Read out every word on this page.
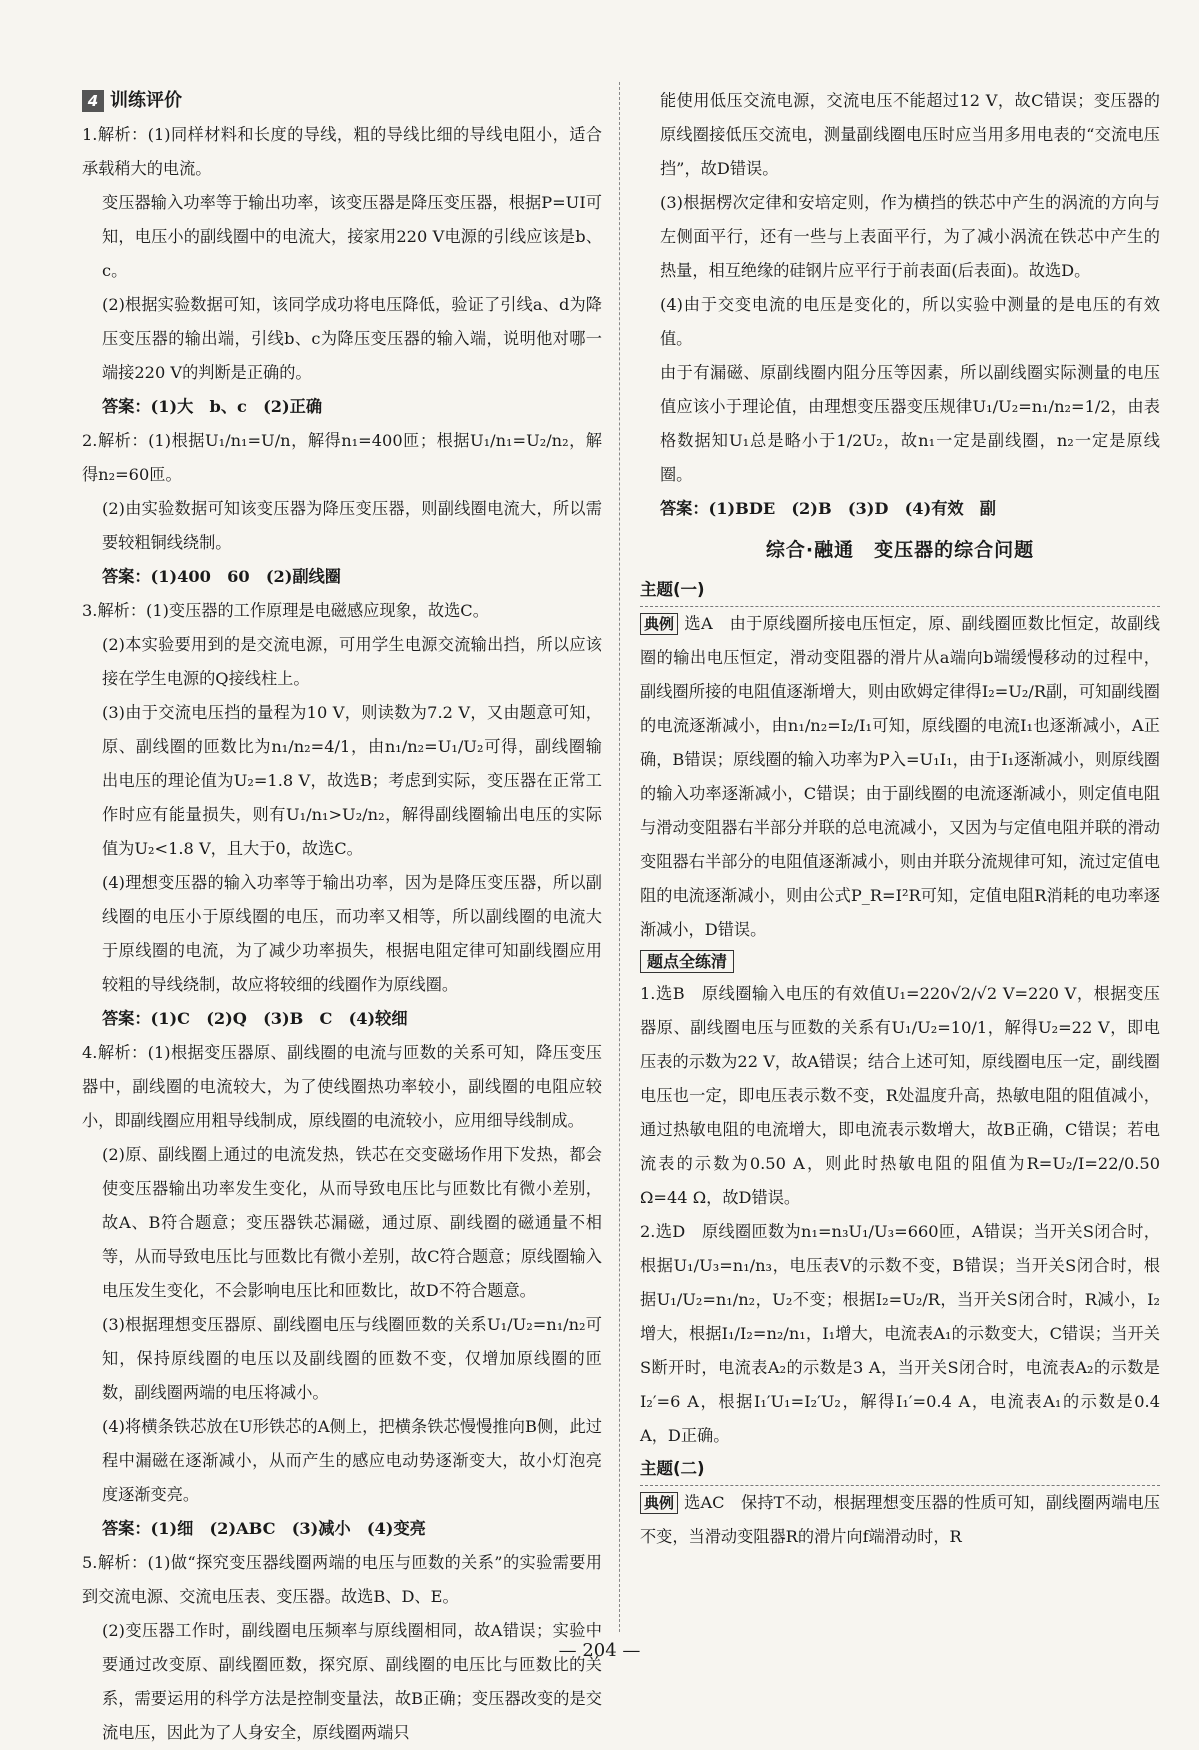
4 训练评价

1.解析：(1)同样材料和长度的导线，粗的导线比细的导线电阻小，适合承载稍大的电流。

变压器输入功率等于输出功率，该变压器是降压变压器，根据P=UI可知，电压小的副线圈中的电流大，接家用220 V电源的引线应该是b、c。

(2)根据实验数据可知，该同学成功将电压降低，验证了引线a、d为降压变压器的输出端，引线b、c为降压变压器的输入端，说明他对哪一端接220 V的判断是正确的。

答案：(1)大　b、c　(2)正确

2.解析：(1)根据U₁/n₁=U/n，解得n₁=400匝；根据U₁/n₁=U₂/n₂，解得n₂=60匝。

(2)由实验数据可知该变压器为降压变压器，则副线圈电流大，所以需要较粗铜线绕制。

答案：(1)400　60　(2)副线圈

3.解析：(1)变压器的工作原理是电磁感应现象，故选C。

(2)本实验要用到的是交流电源，可用学生电源交流输出挡，所以应该接在学生电源的Q接线柱上。

(3)由于交流电压挡的量程为10 V，则读数为7.2 V，又由题意可知，原、副线圈的匝数比为n₁/n₂=4/1，由n₁/n₂=U₁/U₂可得，副线圈输出电压的理论值为U₂=1.8 V，故选B；考虑到实际，变压器在正常工作时应有能量损失，则有U₁/n₁>U₂/n₂，解得副线圈输出电压的实际值为U₂<1.8 V，且大于0，故选C。

(4)理想变压器的输入功率等于输出功率，因为是降压变压器，所以副线圈的电压小于原线圈的电压，而功率又相等，所以副线圈的电流大于原线圈的电流，为了减少功率损失，根据电阻定律可知副线圈应用较粗的导线绕制，故应将较细的线圈作为原线圈。

答案：(1)C　(2)Q　(3)B　C　(4)较细

4.解析：(1)根据变压器原、副线圈的电流与匝数的关系可知，降压变压器中，副线圈的电流较大，为了使线圈热功率较小，副线圈的电阻应较小，即副线圈应用粗导线制成，原线圈的电流较小，应用细导线制成。

(2)原、副线圈上通过的电流发热，铁芯在交变磁场作用下发热，都会使变压器输出功率发生变化，从而导致电压比与匝数比有微小差别，故A、B符合题意；变压器铁芯漏磁，通过原、副线圈的磁通量不相等，从而导致电压比与匝数比有微小差别，故C符合题意；原线圈输入电压发生变化，不会影响电压比和匝数比，故D不符合题意。

(3)根据理想变压器原、副线圈电压与线圈匝数的关系U₁/U₂=n₁/n₂可知，保持原线圈的电压以及副线圈的匝数不变，仅增加原线圈的匝数，副线圈两端的电压将减小。

(4)将横条铁芯放在U形铁芯的A侧上，把横条铁芯慢慢推向B侧，此过程中漏磁在逐渐减小，从而产生的感应电动势逐渐变大，故小灯泡亮度逐渐变亮。

答案：(1)细　(2)ABC　(3)减小　(4)变亮

5.解析：(1)做“探究变压器线圈两端的电压与匝数的关系”的实验需要用到交流电源、交流电压表、变压器。故选B、D、E。

(2)变压器工作时，副线圈电压频率与原线圈相同，故A错误；实验中要通过改变原、副线圈匝数，探究原、副线圈的电压比与匝数比的关系，需要运用的科学方法是控制变量法，故B正确；变压器改变的是交流电压，因此为了人身安全，原线圈两端只

能使用低压交流电源，交流电压不能超过12 V，故C错误；变压器的原线圈接低压交流电，测量副线圈电压时应当用多用电表的“交流电压挡”，故D错误。

(3)根据楞次定律和安培定则，作为横挡的铁芯中产生的涡流的方向与左侧面平行，还有一些与上表面平行，为了减小涡流在铁芯中产生的热量，相互绝缘的硅钢片应平行于前表面(后表面)。故选D。

(4)由于交变电流的电压是变化的，所以实验中测量的是电压的有效值。

由于有漏磁、原副线圈内阻分压等因素，所以副线圈实际测量的电压值应该小于理论值，由理想变压器变压规律U₁/U₂=n₁/n₂=1/2，由表格数据知U₁总是略小于1/2U₂，故n₁一定是副线圈，n₂一定是原线圈。

答案：(1)BDE　(2)B　(3)D　(4)有效　副

综合·融通　变压器的综合问题
主题(一)

典例 选A　由于原线圈所接电压恒定，原、副线圈匝数比恒定，故副线圈的输出电压恒定，滑动变阻器的滑片从a端向b端缓慢移动的过程中，副线圈所接的电阻值逐渐增大，则由欧姆定律得I₂=U₂/R副，可知副线圈的电流逐渐减小，由n₁/n₂=I₂/I₁可知，原线圈的电流I₁也逐渐减小，A正确，B错误；原线圈的输入功率为P入=U₁I₁，由于I₁逐渐减小，则原线圈的输入功率逐渐减小，C错误；由于副线圈的电流逐渐减小，则定值电阻与滑动变阻器右半部分并联的总电流减小，又因为与定值电阻并联的滑动变阻器右半部分的电阻值逐渐减小，则由并联分流规律可知，流过定值电阻的电流逐渐减小，则由公式P_R=I²R可知，定值电阻R消耗的电功率逐渐减小，D错误。

题点全练清

1.选B　原线圈输入电压的有效值U₁=220√2/√2 V=220 V，根据变压器原、副线圈电压与匝数的关系有U₁/U₂=10/1，解得U₂=22 V，即电压表的示数为22 V，故A错误；结合上述可知，原线圈电压一定，副线圈电压也一定，即电压表示数不变，R处温度升高，热敏电阻的阻值减小，通过热敏电阻的电流增大，即电流表示数增大，故B正确，C错误；若电流表的示数为0.50 A，则此时热敏电阻的阻值为R=U₂/I=22/0.50 Ω=44 Ω，故D错误。

2.选D　原线圈匝数为n₁=n₃U₁/U₃=660匝，A错误；当开关S闭合时，根据U₁/U₃=n₁/n₃，电压表V的示数不变，B错误；当开关S闭合时，根据U₁/U₂=n₁/n₂，U₂不变；根据I₂=U₂/R，当开关S闭合时，R减小，I₂增大，根据I₁/I₂=n₂/n₁，I₁增大，电流表A₁的示数变大，C错误；当开关S断开时，电流表A₂的示数是3 A，当开关S闭合时，电流表A₂的示数是I₂′=6 A，根据I₁′U₁=I₂′U₂，解得I₁′=0.4 A，电流表A₁的示数是0.4 A，D正确。

主题(二)

典例 选AC　保持T不动，根据理想变压器的性质可知，副线圈两端电压不变，当滑动变阻器R的滑片向f端滑动时，R

— 204 —
